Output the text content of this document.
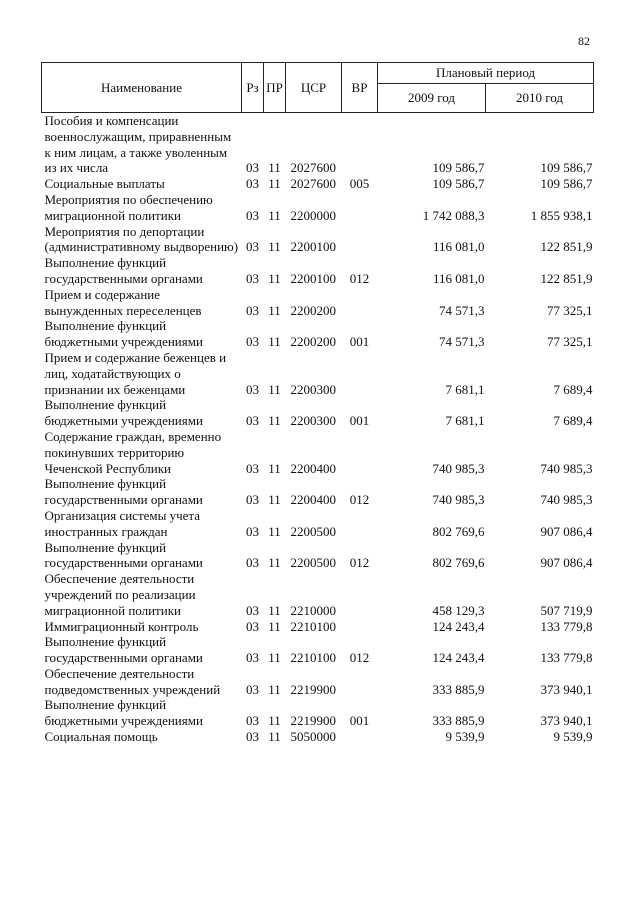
82
Наименование	Рз	ПР	ЦСР	ВР	Плановый период	
					2009 год	2010 год
Пособия и компенсации военнослужащим, приравненным к ним лицам, а также уволенным из их числа	03	11	2027600		109 586,7	109 586,7
Социальные выплаты	03	11	2027600	005	109 586,7	109 586,7
Мероприятия по обеспечению миграционной политики	03	11	2200000		1 742 088,3	1 855 938,1
Мероприятия по депортации (административному выдворению)	03	11	2200100		116 081,0	122 851,9
Выполнение функций государственными органами	03	11	2200100	012	116 081,0	122 851,9
Прием и содержание вынужденных переселенцев	03	11	2200200		74 571,3	77 325,1
Выполнение функций бюджетными учреждениями	03	11	2200200	001	74 571,3	77 325,1
Прием и содержание беженцев и лиц, ходатайствующих о признании их беженцами	03	11	2200300		7 681,1	7 689,4
Выполнение функций бюджетными учреждениями	03	11	2200300	001	7 681,1	7 689,4
Содержание граждан, временно покинувших территорию Чеченской Республики	03	11	2200400		740 985,3	740 985,3
Выполнение функций государственными органами	03	11	2200400	012	740 985,3	740 985,3
Организация системы учета иностранных граждан	03	11	2200500		802 769,6	907 086,4
Выполнение функций государственными органами	03	11	2200500	012	802 769,6	907 086,4
Обеспечение деятельности учреждений по реализации миграционной политики	03	11	2210000		458 129,3	507 719,9
Иммиграционный контроль	03	11	2210100		124 243,4	133 779,8
Выполнение функций государственными органами	03	11	2210100	012	124 243,4	133 779,8
Обеспечение деятельности подведомственных учреждений	03	11	2219900		333 885,9	373 940,1
Выполнение функций бюджетными учреждениями	03	11	2219900	001	333 885,9	373 940,1
Социальная помощь	03	11	5050000		9 539,9	9 539,9
